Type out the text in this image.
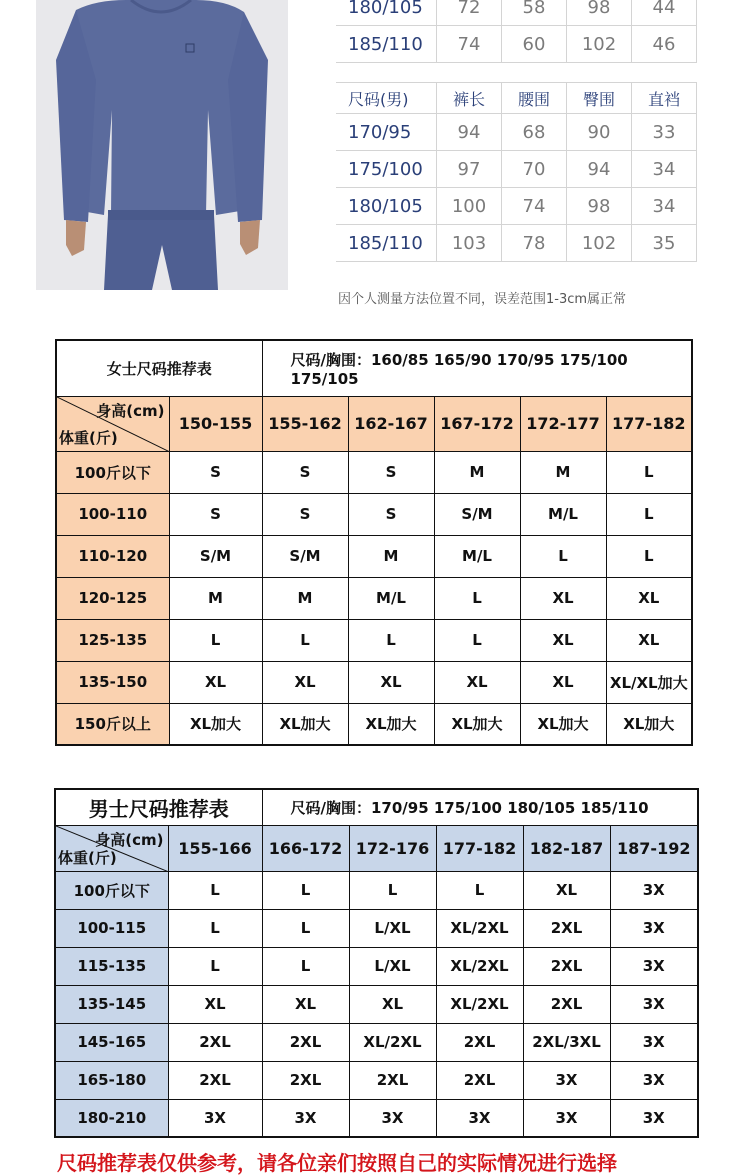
180/105	72	58	98	44
185/110	74	60	102	46
尺码(男)	裤长	腰围	臀围	直裆
170/95	94	68	90	33
175/100	97	70	94	34
180/105	100	74	98	34
185/110	103	78	102	35
因个人测量方法位置不同，误差范围1-3cm属正常
女士尺码推荐表		尺码/胸围：160/85 165/90 170/95 175/100 175/105				

身高(cm)
体重(斤)	150-155	155-162	162-167	167-172	172-177	177-182
100斤以下	S	S	S	M	M	L
100-110	S	S	S	S/M	M/L	L
110-120	S/M	S/M	M	M/L	L	L
120-125	M	M	M/L	L	XL	XL
125-135	L	L	L	L	XL	XL
135-150	XL	XL	XL	XL	XL	XL/XL加大
150斤以上	XL加大	XL加大	XL加大	XL加大	XL加大	XL加大
男士尺码推荐表		尺码/胸围：170/95 175/100 180/105 185/110				

身高(cm)
体重(斤)	155-166	166-172	172-176	177-182	182-187	187-192
100斤以下	L	L	L	L	XL	3X
100-115	L	L	L/XL	XL/2XL	2XL	3X
115-135	L	L	L/XL	XL/2XL	2XL	3X
135-145	XL	XL	XL	XL/2XL	2XL	3X
145-165	2XL	2XL	XL/2XL	2XL	2XL/3XL	3X
165-180	2XL	2XL	2XL	2XL	3X	3X
180-210	3X	3X	3X	3X	3X	3X
尺码推荐表仅供参考，请各位亲们按照自己的实际情况进行选择
